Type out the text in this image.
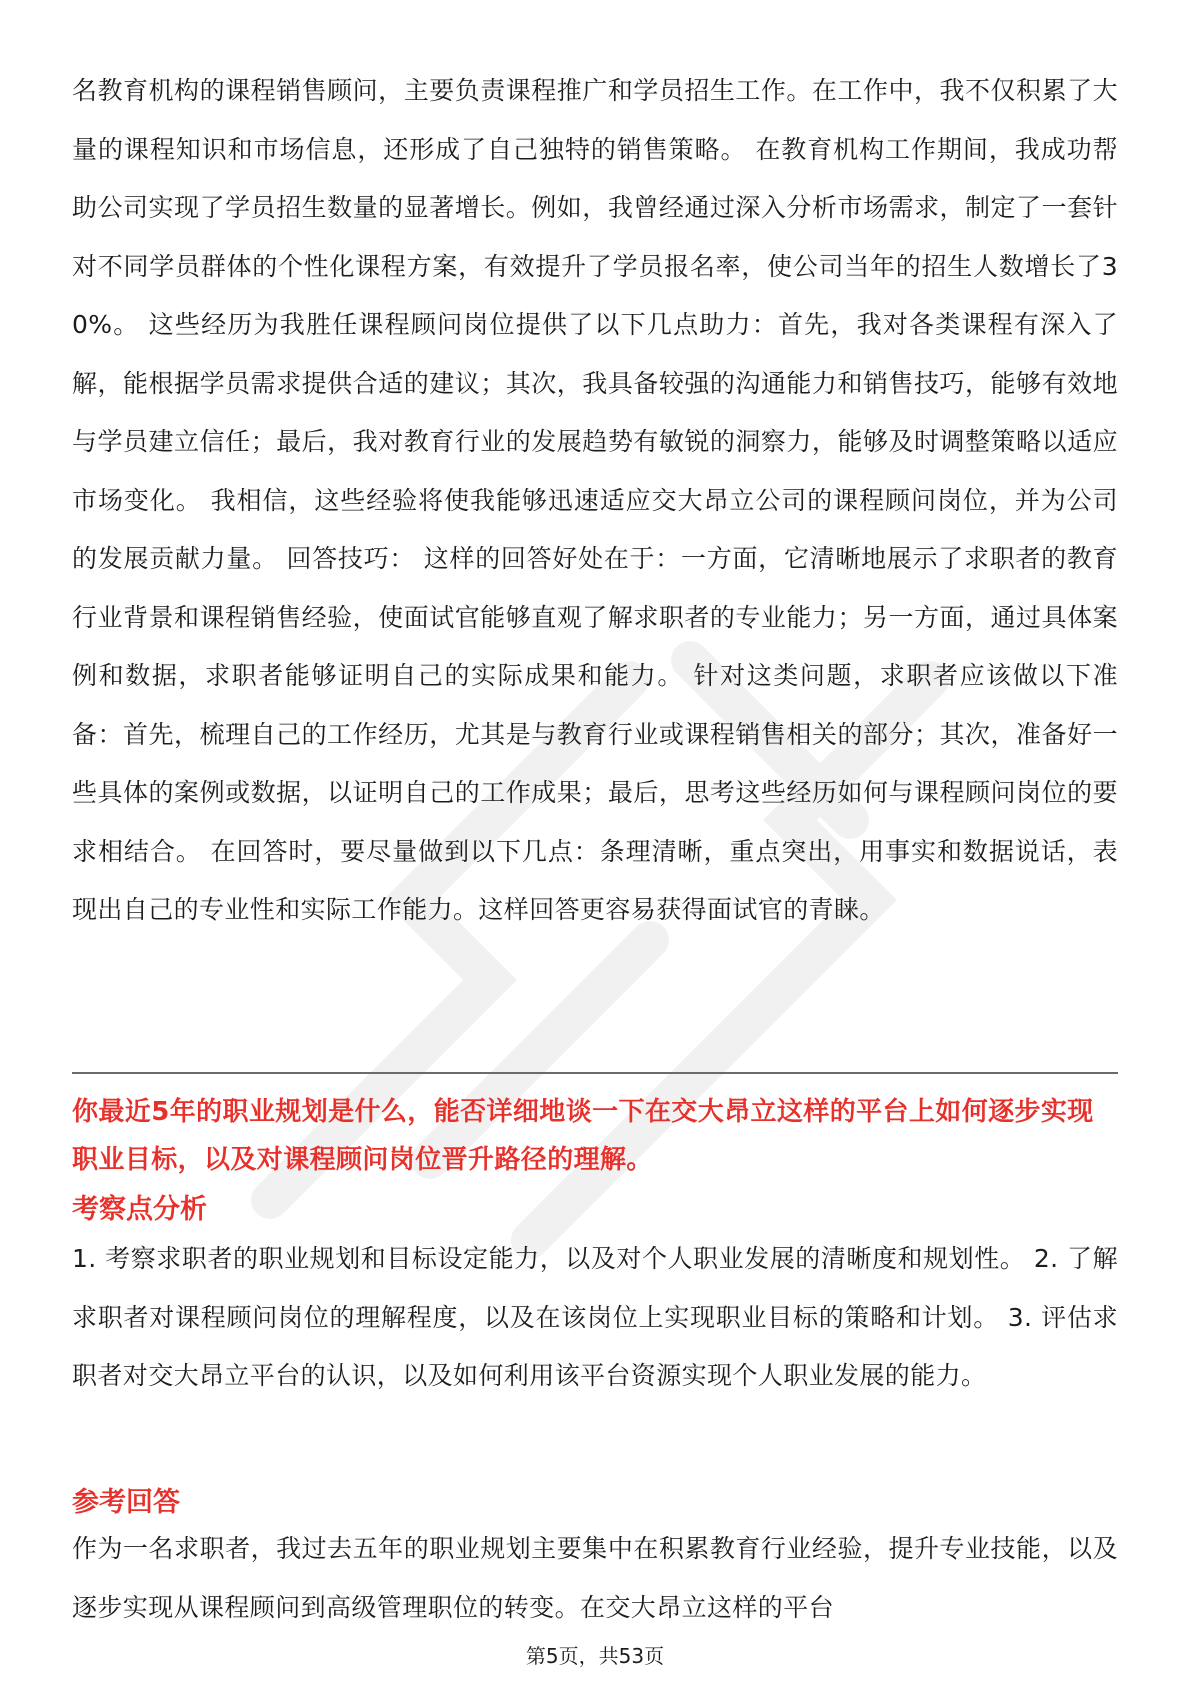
名教育机构的课程销售顾问，主要负责课程推广和学员招生工作。在工作中，我不仅积累了大量的课程知识和市场信息，还形成了自己独特的销售策略。 在教育机构工作期间，我成功帮助公司实现了学员招生数量的显著增长。例如，我曾经通过深入分析市场需求，制定了一套针对不同学员群体的个性化课程方案，有效提升了学员报名率，使公司当年的招生人数增长了30%。 这些经历为我胜任课程顾问岗位提供了以下几点助力：首先，我对各类课程有深入了解，能根据学员需求提供合适的建议；其次，我具备较强的沟通能力和销售技巧，能够有效地与学员建立信任；最后，我对教育行业的发展趋势有敏锐的洞察力，能够及时调整策略以适应市场变化。 我相信，这些经验将使我能够迅速适应交大昂立公司的课程顾问岗位，并为公司的发展贡献力量。 回答技巧： 这样的回答好处在于：一方面，它清晰地展示了求职者的教育行业背景和课程销售经验，使面试官能够直观了解求职者的专业能力；另一方面，通过具体案例和数据，求职者能够证明自己的实际成果和能力。 针对这类问题，求职者应该做以下准备：首先，梳理自己的工作经历，尤其是与教育行业或课程销售相关的部分；其次，准备好一些具体的案例或数据，以证明自己的工作成果；最后，思考这些经历如何与课程顾问岗位的要求相结合。 在回答时，要尽量做到以下几点：条理清晰，重点突出，用事实和数据说话，表现出自己的专业性和实际工作能力。这样回答更容易获得面试官的青睐。

你最近5年的职业规划是什么，能否详细地谈一下在交大昂立这样的平台上如何逐步实现职业目标，以及对课程顾问岗位晋升路径的理解。

考察点分析

1. 考察求职者的职业规划和目标设定能力，以及对个人职业发展的清晰度和规划性。 2. 了解求职者对课程顾问岗位的理解程度，以及在该岗位上实现职业目标的策略和计划。 3. 评估求职者对交大昂立平台的认识，以及如何利用该平台资源实现个人职业发展的能力。

参考回答

作为一名求职者，我过去五年的职业规划主要集中在积累教育行业经验，提升专业技能，以及逐步实现从课程顾问到高级管理职位的转变。在交大昂立这样的平台

第5页，共53页
